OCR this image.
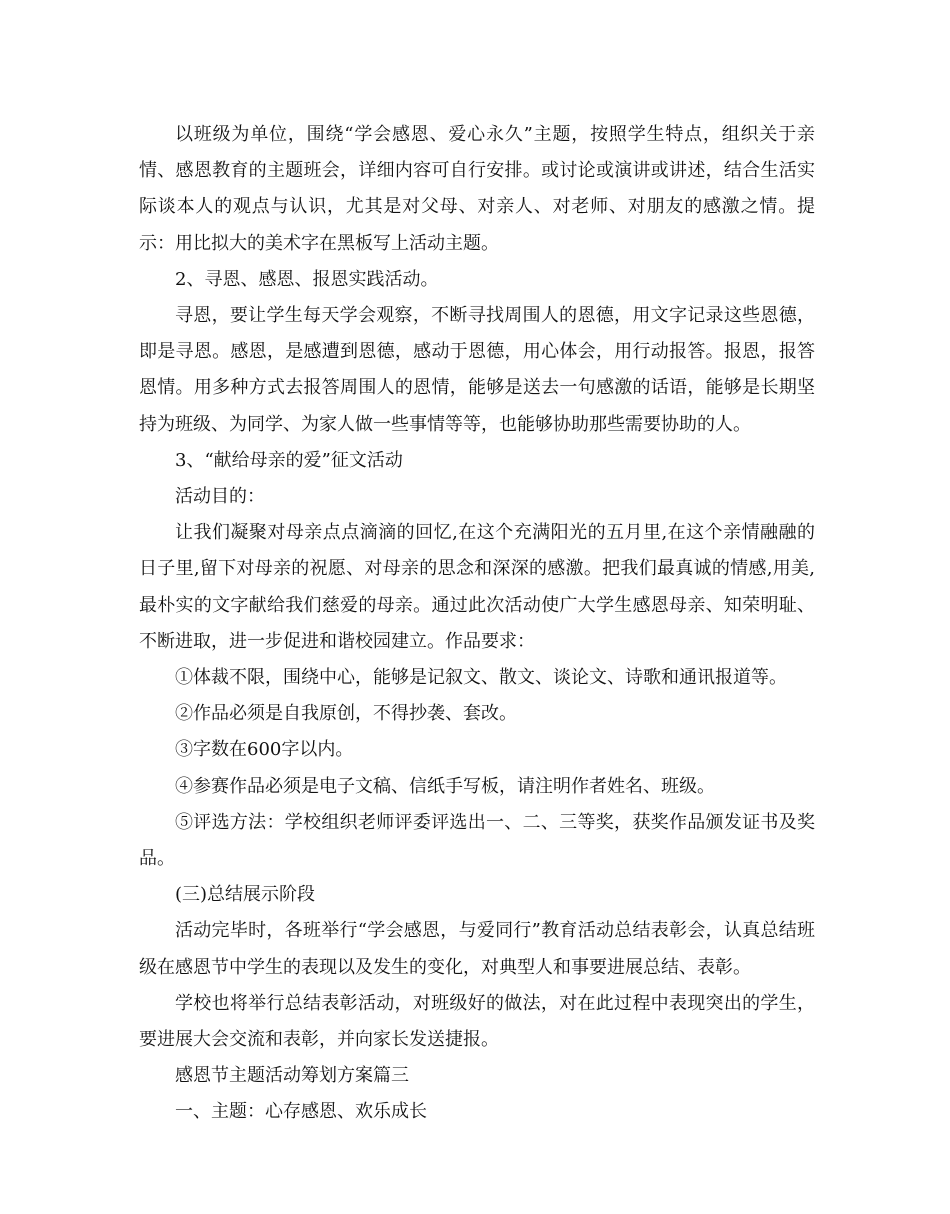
以班级为单位，围绕“学会感恩、爱心永久”主题，按照学生特点，组织关于亲情、感恩教育的主题班会，详细内容可自行安排。或讨论或演讲或讲述，结合生活实际谈本人的观点与认识，尤其是对父母、对亲人、对老师、对朋友的感激之情。提示：用比拟大的美术字在黑板写上活动主题。

2、寻恩、感恩、报恩实践活动。

寻恩，要让学生每天学会观察，不断寻找周围人的恩德，用文字记录这些恩德，即是寻恩。感恩，是感遭到恩德，感动于恩德，用心体会，用行动报答。报恩，报答恩情。用多种方式去报答周围人的恩情，能够是送去一句感激的话语，能够是长期坚持为班级、为同学、为家人做一些事情等等，也能够协助那些需要协助的人。

3、“献给母亲的爱”征文活动

活动目的：

让我们凝聚对母亲点点滴滴的回忆,在这个充满阳光的五月里,在这个亲情融融的日子里,留下对母亲的祝愿、对母亲的思念和深深的感激。把我们最真诚的情感,用美,最朴实的文字献给我们慈爱的母亲。通过此次活动使广大学生感恩母亲、知荣明耻、不断进取，进一步促进和谐校园建立。作品要求：

①体裁不限，围绕中心，能够是记叙文、散文、谈论文、诗歌和通讯报道等。

②作品必须是自我原创，不得抄袭、套改。

③字数在600字以内。

④参赛作品必须是电子文稿、信纸手写板，请注明作者姓名、班级。

⑤评选方法：学校组织老师评委评选出一、二、三等奖，获奖作品颁发证书及奖品。

(三)总结展示阶段

活动完毕时，各班举行“学会感恩，与爱同行”教育活动总结表彰会，认真总结班级在感恩节中学生的表现以及发生的变化，对典型人和事要进展总结、表彰。

学校也将举行总结表彰活动，对班级好的做法，对在此过程中表现突出的学生，要进展大会交流和表彰，并向家长发送捷报。

感恩节主题活动筹划方案篇三

一、主题：心存感恩、欢乐成长
